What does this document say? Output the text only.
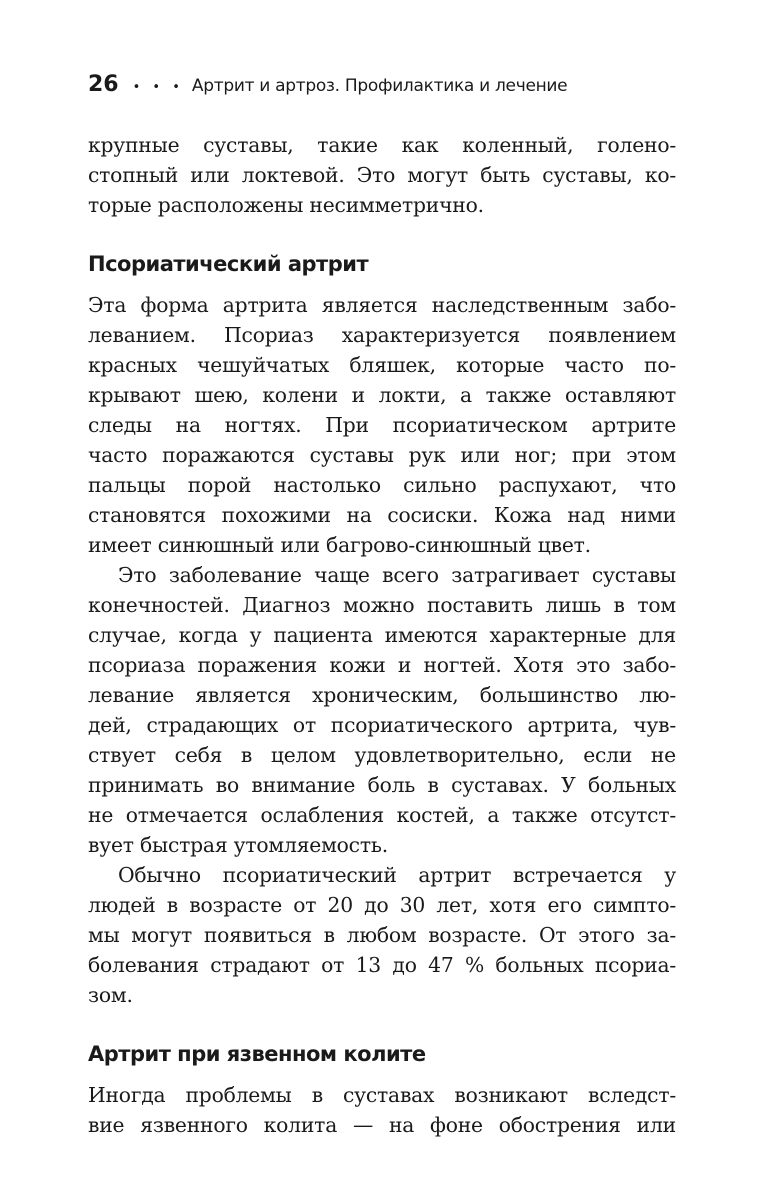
26 • • • Артрит и артроз. Профилактика и лечение
крупные суставы, такие как коленный, голено-
стопный или локтевой. Это могут быть суставы, ко-
торые расположены несимметрично.
Псориатический артрит
Эта форма артрита является наследственным забо-
леванием. Псориаз характеризуется появлением
красных чешуйчатых бляшек, которые часто по-
крывают шею, колени и локти, а также оставляют
следы на ногтях. При псориатическом артрите
часто поражаются суставы рук или ног; при этом
пальцы порой настолько сильно распухают, что
становятся похожими на сосиски. Кожа над ними
имеет синюшный или багрово-синюшный цвет.
Это заболевание чаще всего затрагивает суставы
конечностей. Диагноз можно поставить лишь в том
случае, когда у пациента имеются характерные для
псориаза поражения кожи и ногтей. Хотя это забо-
левание является хроническим, большинство лю-
дей, страдающих от псориатического артрита, чув-
ствует себя в целом удовлетворительно, если не
принимать во внимание боль в суставах. У больных
не отмечается ослабления костей, а также отсутст-
вует быстрая утомляемость.
Обычно псориатический артрит встречается у
людей в возрасте от 20 до 30 лет, хотя его симпто-
мы могут появиться в любом возрасте. От этого за-
болевания страдают от 13 до 47 % больных псориа-
зом.
Артрит при язвенном колите
Иногда проблемы в суставах возникают вследст-
вие язвенного колита — на фоне обострения или
